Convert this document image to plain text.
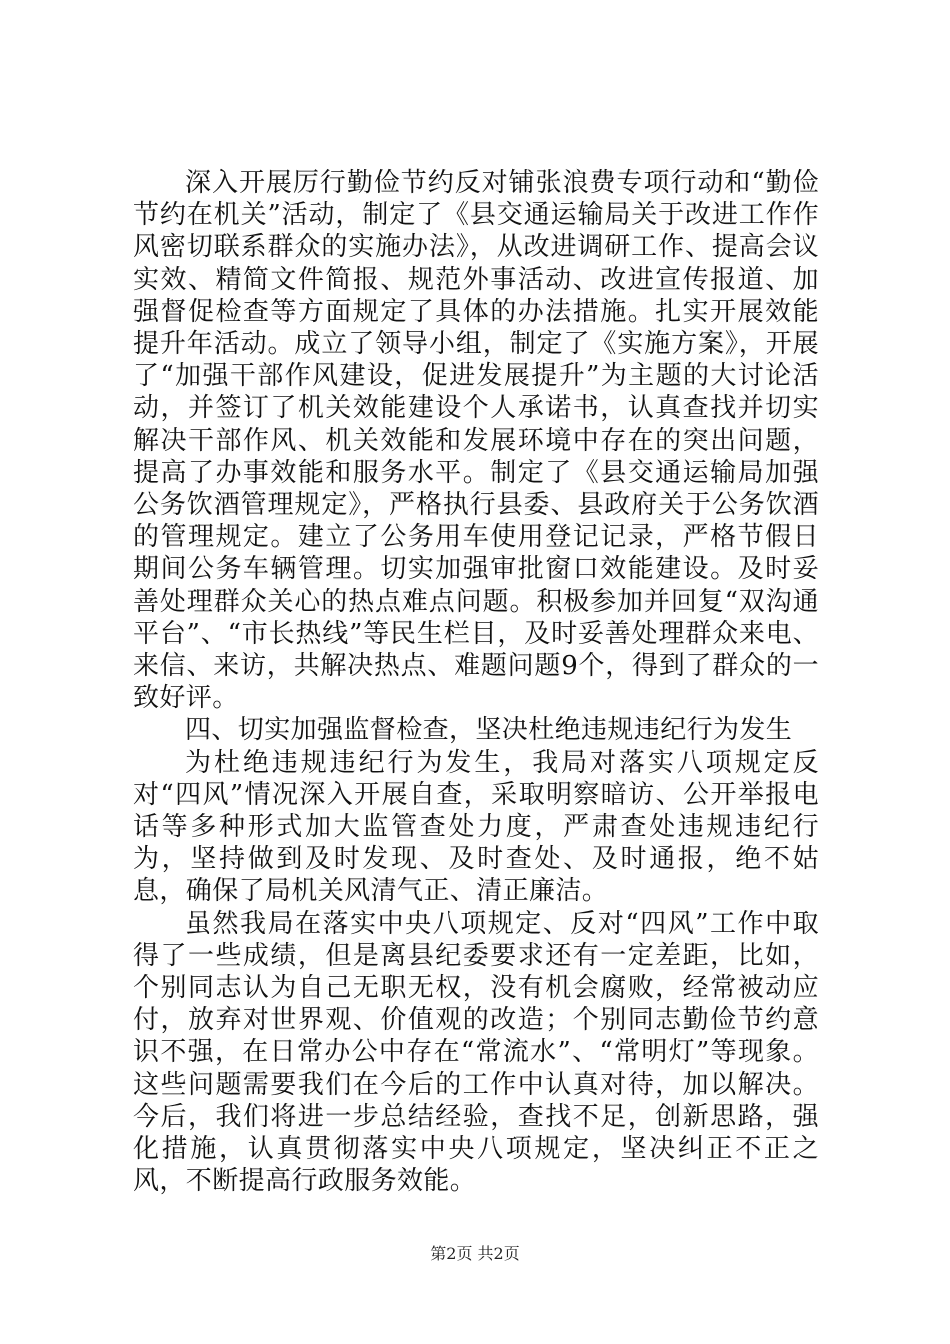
深入开展厉行勤俭节约反对铺张浪费专项行动和“勤俭节约在机关”活动，制定了《县交通运输局关于改进工作作风密切联系群众的实施办法》，从改进调研工作、提高会议实效、精简文件简报、规范外事活动、改进宣传报道、加强督促检查等方面规定了具体的办法措施。扎实开展效能提升年活动。成立了领导小组，制定了《实施方案》，开展了“加强干部作风建设，促进发展提升”为主题的大讨论活动，并签订了机关效能建设个人承诺书，认真查找并切实解决干部作风、机关效能和发展环境中存在的突出问题，提高了办事效能和服务水平。制定了《县交通运输局加强公务饮酒管理规定》，严格执行县委、县政府关于公务饮酒的管理规定。建立了公务用车使用登记记录，严格节假日期间公务车辆管理。切实加强审批窗口效能建设。及时妥善处理群众关心的热点难点问题。积极参加并回复“双沟通平台”、“市长热线”等民生栏目，及时妥善处理群众来电、来信、来访，共解决热点、难题问题9个，得到了群众的一致好评。

四、切实加强监督检查，坚决杜绝违规违纪行为发生

为杜绝违规违纪行为发生，我局对落实八项规定反对“四风”情况深入开展自查，采取明察暗访、公开举报电话等多种形式加大监管查处力度，严肃查处违规违纪行为，坚持做到及时发现、及时查处、及时通报，绝不姑息，确保了局机关风清气正、清正廉洁。

虽然我局在落实中央八项规定、反对“四风”工作中取得了一些成绩，但是离县纪委要求还有一定差距，比如，个别同志认为自己无职无权，没有机会腐败，经常被动应付，放弃对世界观、价值观的改造；个别同志勤俭节约意识不强，在日常办公中存在“常流水”、“常明灯”等现象。这些问题需要我们在今后的工作中认真对待，加以解决。今后，我们将进一步总结经验，查找不足，创新思路，强化措施，认真贯彻落实中央八项规定，坚决纠正不正之风，不断提高行政服务效能。

第2页 共2页
